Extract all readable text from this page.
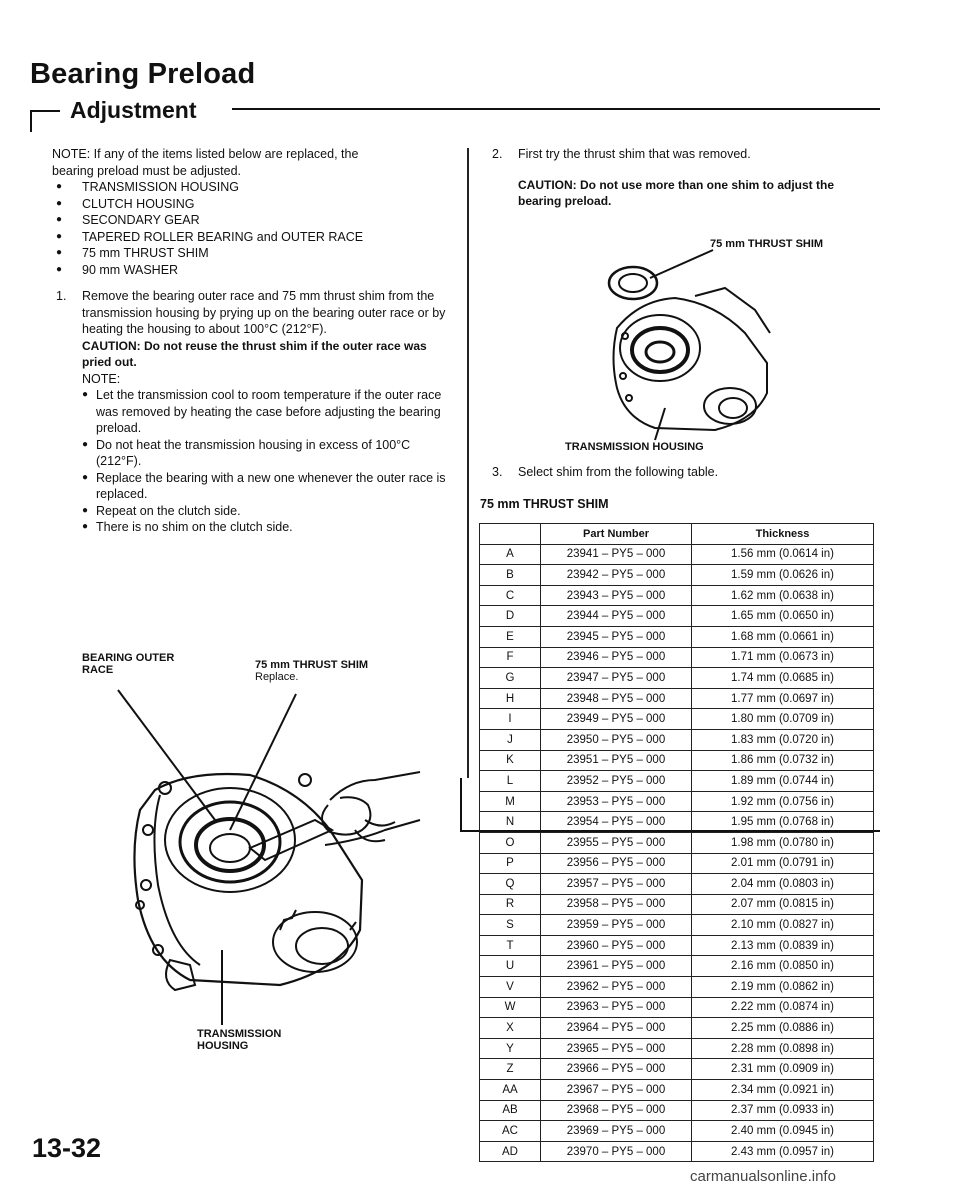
Bearing Preload
Adjustment

NOTE: If any of the items listed below are replaced, the

bearing preload must be adjusted.

● TRANSMISSION HOUSING
● CLUTCH HOUSING
● SECONDARY GEAR
● TAPERED ROLLER BEARING and OUTER RACE
● 75 mm THRUST SHIM
● 90 mm WASHER
1.	Remove the bearing outer race and 75 mm thrust shim from the transmission housing by prying up on the bearing outer race or by heating the housing to about 100°C (212°F).

CAUTION: Do not reuse the thrust shim if the outer race was pried out.

NOTE:

● Let the transmission cool to room temperature if the outer race was removed by heating the case before adjusting the bearing preload.
● Do not heat the transmission housing in excess of 100°C (212°F).
● Replace the bearing with a new one whenever the outer race is replaced.
● Repeat on the clutch side.
● There is no shim on the clutch side.
BEARING OUTER
RACE	75 mm THRUST SHIM
Replace.
TRANSMISSION
HOUSING
2.	First try the thrust shim that was removed.

CAUTION: Do not use more than one shim to adjust the bearing preload.

75 mm THRUST SHIM
TRANSMISSION HOUSING
3.	Select shim from the following table.
75 mm THRUST SHIM
	Part Number	Thickness
A	23941 – PY5 – 000	1.56 mm (0.0614 in)
B	23942 – PY5 – 000	1.59 mm (0.0626 in)
C	23943 – PY5 – 000	1.62 mm (0.0638 in)
D	23944 – PY5 – 000	1.65 mm (0.0650 in)
E	23945 – PY5 – 000	1.68 mm (0.0661 in)
F	23946 – PY5 – 000	1.71 mm (0.0673 in)
G	23947 – PY5 – 000	1.74 mm (0.0685 in)
H	23948 – PY5 – 000	1.77 mm (0.0697 in)
I	23949 – PY5 – 000	1.80 mm (0.0709 in)
J	23950 – PY5 – 000	1.83 mm (0.0720 in)
K	23951 – PY5 – 000	1.86 mm (0.0732 in)
L	23952 – PY5 – 000	1.89 mm (0.0744 in)
M	23953 – PY5 – 000	1.92 mm (0.0756 in)
N	23954 – PY5 – 000	1.95 mm (0.0768 in)
O	23955 – PY5 – 000	1.98 mm (0.0780 in)
P	23956 – PY5 – 000	2.01 mm (0.0791 in)
Q	23957 – PY5 – 000	2.04 mm (0.0803 in)
R	23958 – PY5 – 000	2.07 mm (0.0815 in)
S	23959 – PY5 – 000	2.10 mm (0.0827 in)
T	23960 – PY5 – 000	2.13 mm (0.0839 in)
U	23961 – PY5 – 000	2.16 mm (0.0850 in)
V	23962 – PY5 – 000	2.19 mm (0.0862 in)
W	23963 – PY5 – 000	2.22 mm (0.0874 in)
X	23964 – PY5 – 000	2.25 mm (0.0886 in)
Y	23965 – PY5 – 000	2.28 mm (0.0898 in)
Z	23966 – PY5 – 000	2.31 mm (0.0909 in)
AA	23967 – PY5 – 000	2.34 mm (0.0921 in)
AB	23968 – PY5 – 000	2.37 mm (0.0933 in)
AC	23969 – PY5 – 000	2.40 mm (0.0945 in)
AD	23970 – PY5 – 000	2.43 mm (0.0957 in)
13-32
carmanualsonline.info
